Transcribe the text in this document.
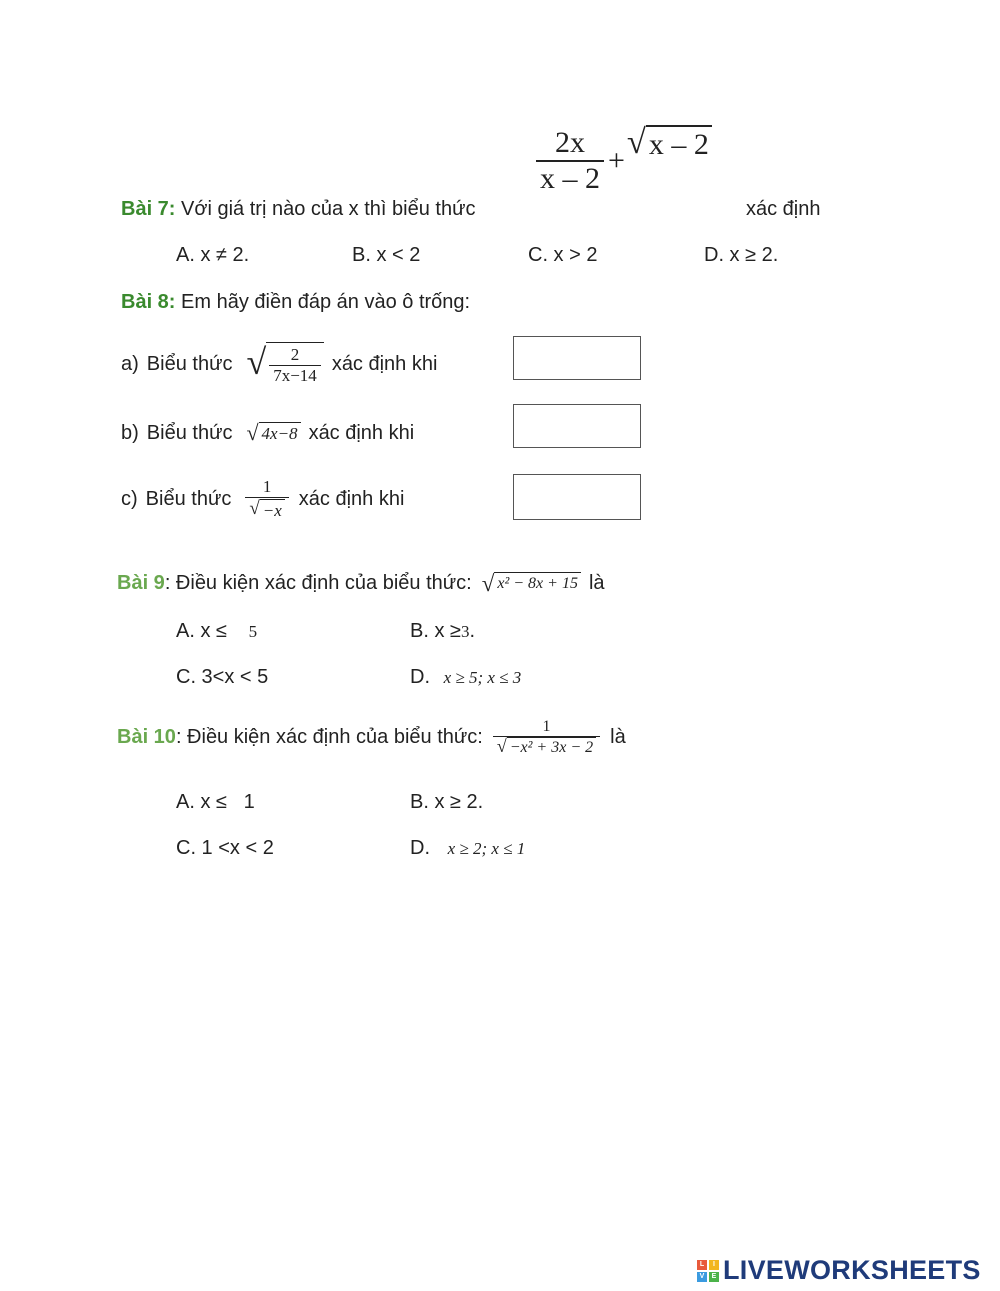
Bài 7: Với giá trị nào của x thì biểu thức
$\frac{2x}{x - 2}$ + √ x – 2
xác định
A. x ≠ 2.	B. x < 2	C. x > 2	D. x ≥ 2.
Bài 8: Em hãy điền đáp án vào ô trống:
a) Biểu thức √ $\frac{2}{7x-14}$ xác định khi
b) Biểu thức √ 4x−8 xác định khi
c) Biểu thức $\frac{1}{√ -x}$ xác định khi
Bài 9 : Điều kiện xác định của biểu thức: √ x² − 8x + 15 là
A. x ≤ 5	B. x ≥3.
C. 3<x < 5	D. x ≥ 5; x ≤ 3
Bài 10 : Điều kiện xác định của biểu thức: $\frac{1}{\text{√ −x² + 3x − 2}}$ là
A. x ≤   1	B. x ≥ 2.
C. 1 <x < 2	D. x ≥ 2; x ≤ 1
L	I
V	E LIVEWORKSHEETS
